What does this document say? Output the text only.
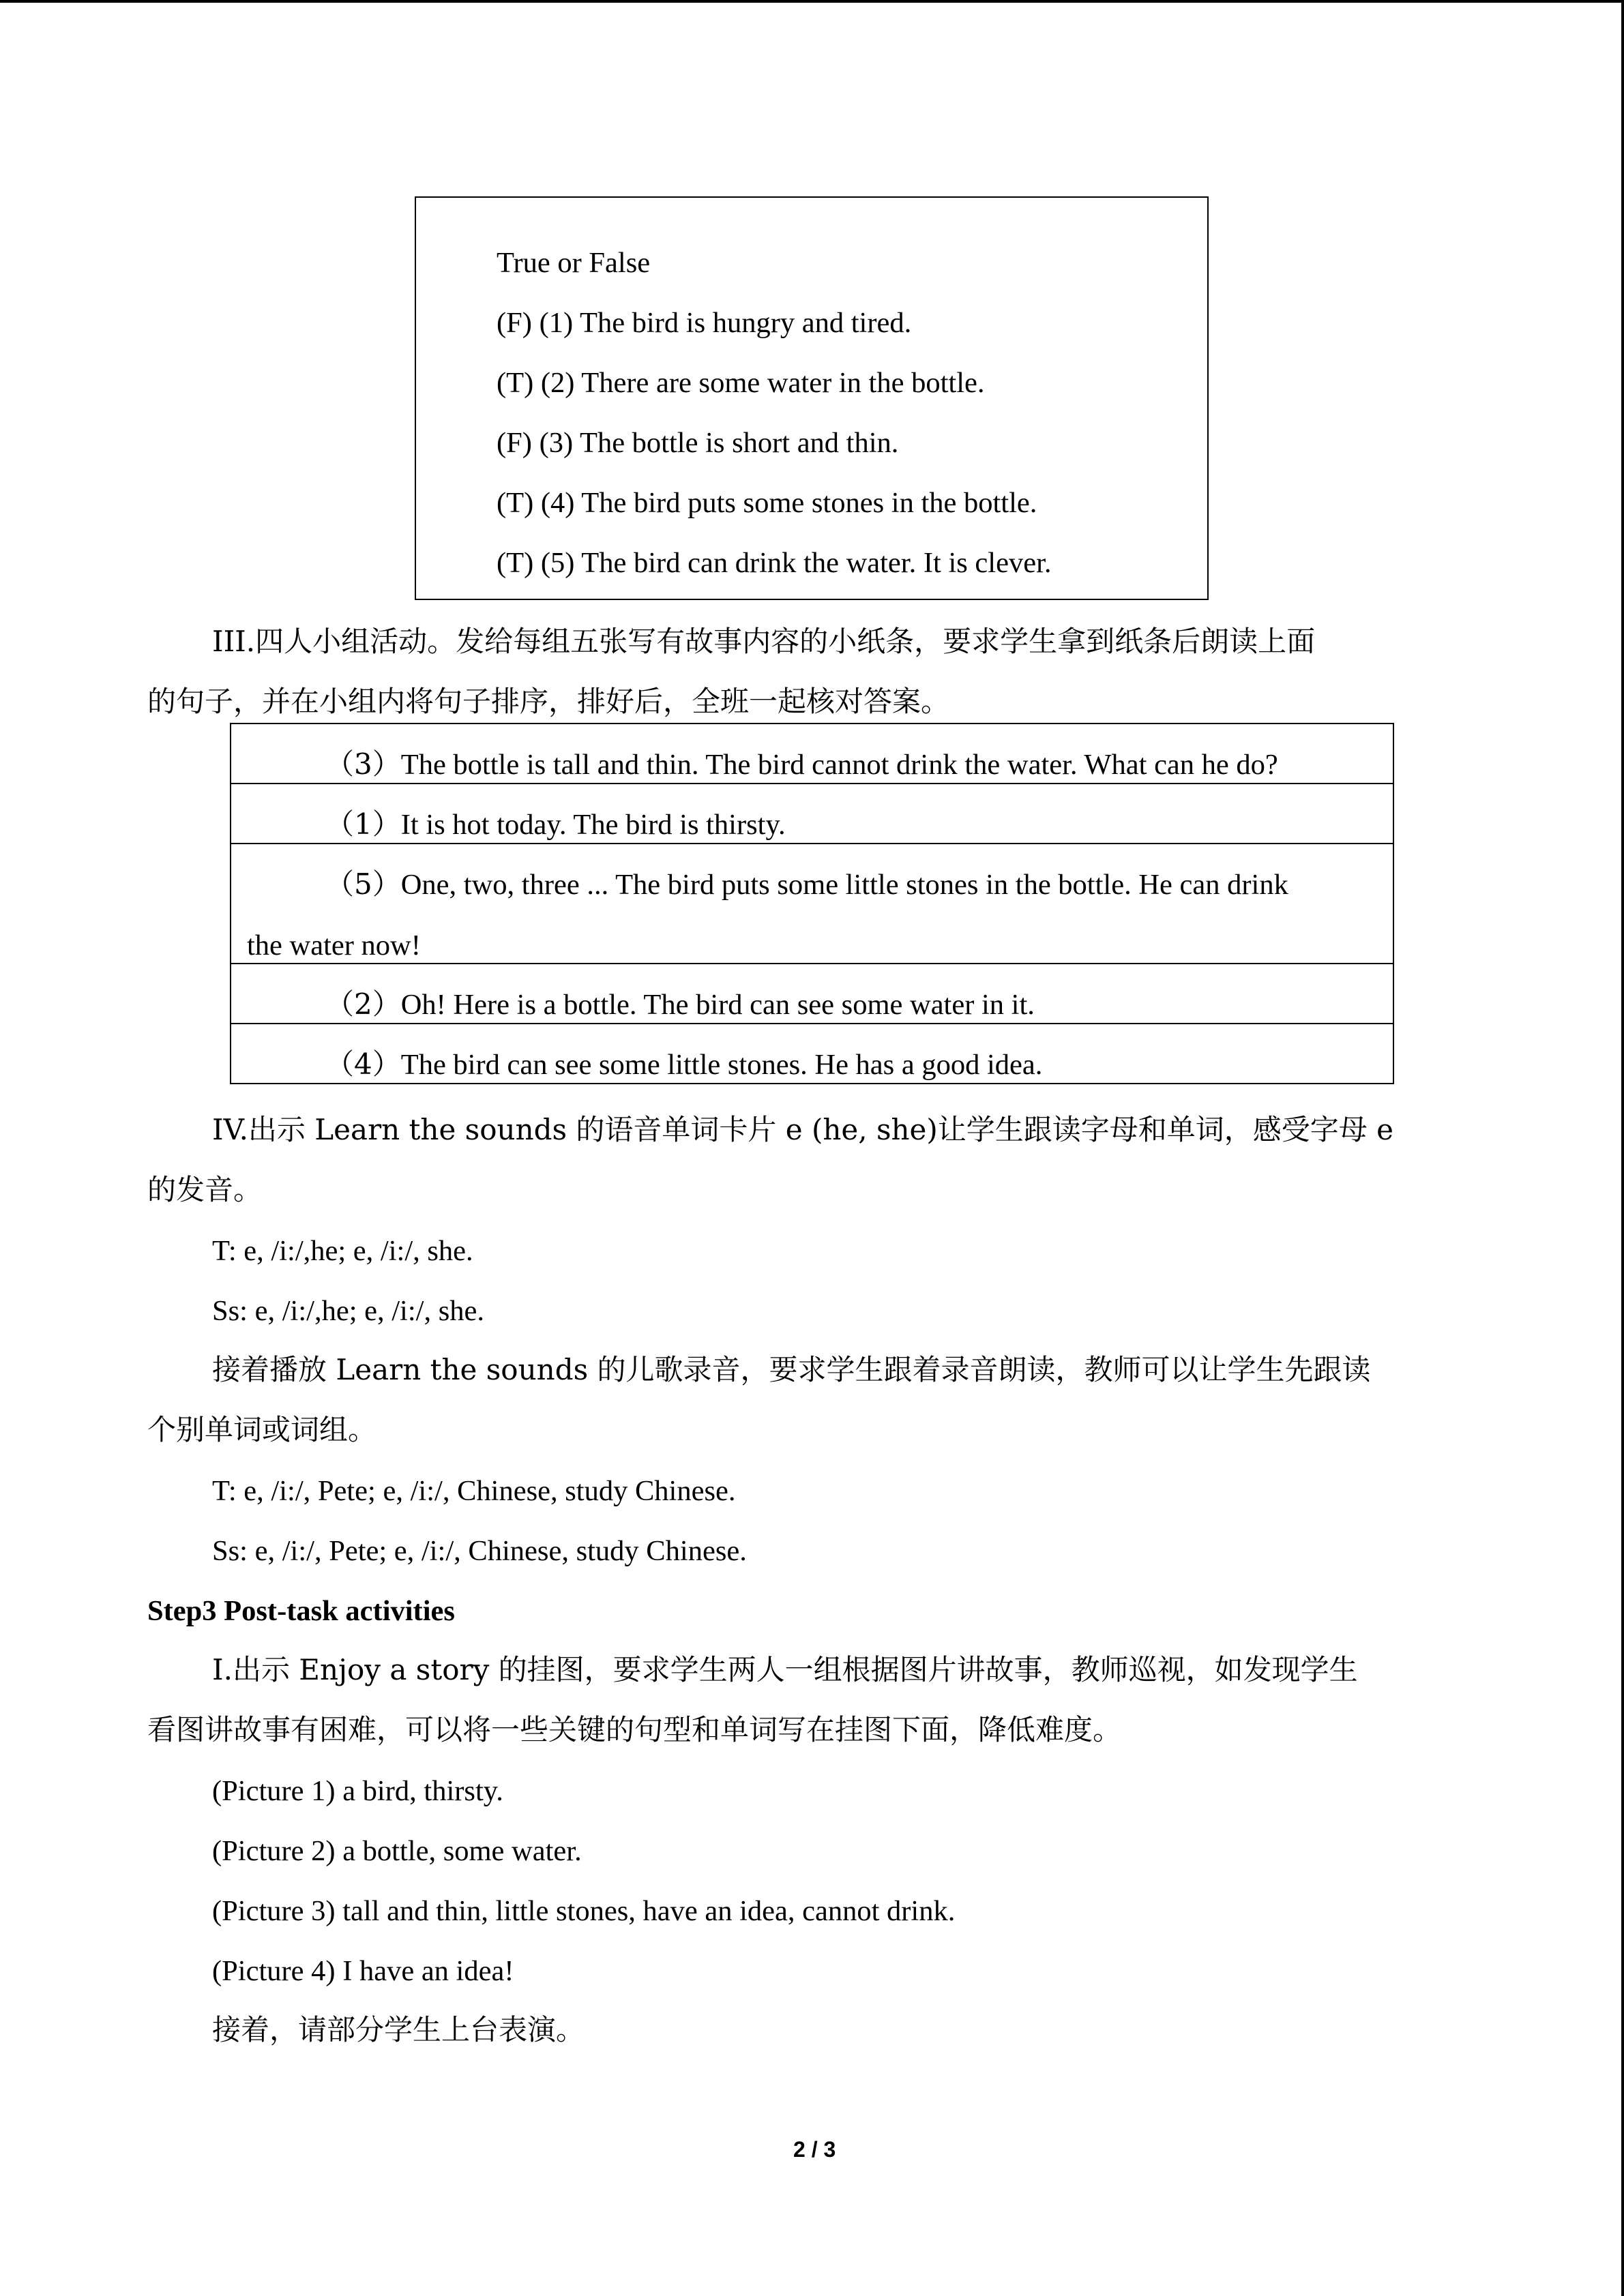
True or False
(F) (1) The bird is hungry and tired.
(T) (2) There are some water in the bottle.
(F) (3) The bottle is short and thin.
(T) (4) The bird puts some stones in the bottle.
(T) (5) The bird can drink the water. It is clever.
III.四人小组活动。发给每组五张写有故事内容的小纸条，要求学生拿到纸条后朗读上面
的句子，并在小组内将句子排序，排好后，全班一起核对答案。
（3）The bottle is tall and thin. The bird cannot drink the water. What can he do?

（1）It is hot today. The bird is thirsty.

（5）One, two, three ... The bird puts some little stones in the bottle. He can drink
the water now!

（2）Oh! Here is a bottle. The bird can see some water in it.

（4）The bird can see some little stones. He has a good idea.
IV.出示 Learn the sounds 的语音单词卡片 e (he, she)让学生跟读字母和单词，感受字母 e
的发音。
T: e, /i:/,he; e, /i:/, she.
Ss: e, /i:/,he; e, /i:/, she.
接着播放 Learn the sounds 的儿歌录音，要求学生跟着录音朗读，教师可以让学生先跟读
个别单词或词组。
T: e, /i:/, Pete; e, /i:/, Chinese, study Chinese.
Ss: e, /i:/, Pete; e, /i:/, Chinese, study Chinese.
Step3 Post-task activities
I.出示 Enjoy a story 的挂图，要求学生两人一组根据图片讲故事，教师巡视，如发现学生
看图讲故事有困难，可以将一些关键的句型和单词写在挂图下面，降低难度。
(Picture 1) a bird, thirsty.
(Picture 2) a bottle, some water.
(Picture 3) tall and thin, little stones, have an idea, cannot drink.
(Picture 4) I have an idea!
接着，请部分学生上台表演。
2 / 3
